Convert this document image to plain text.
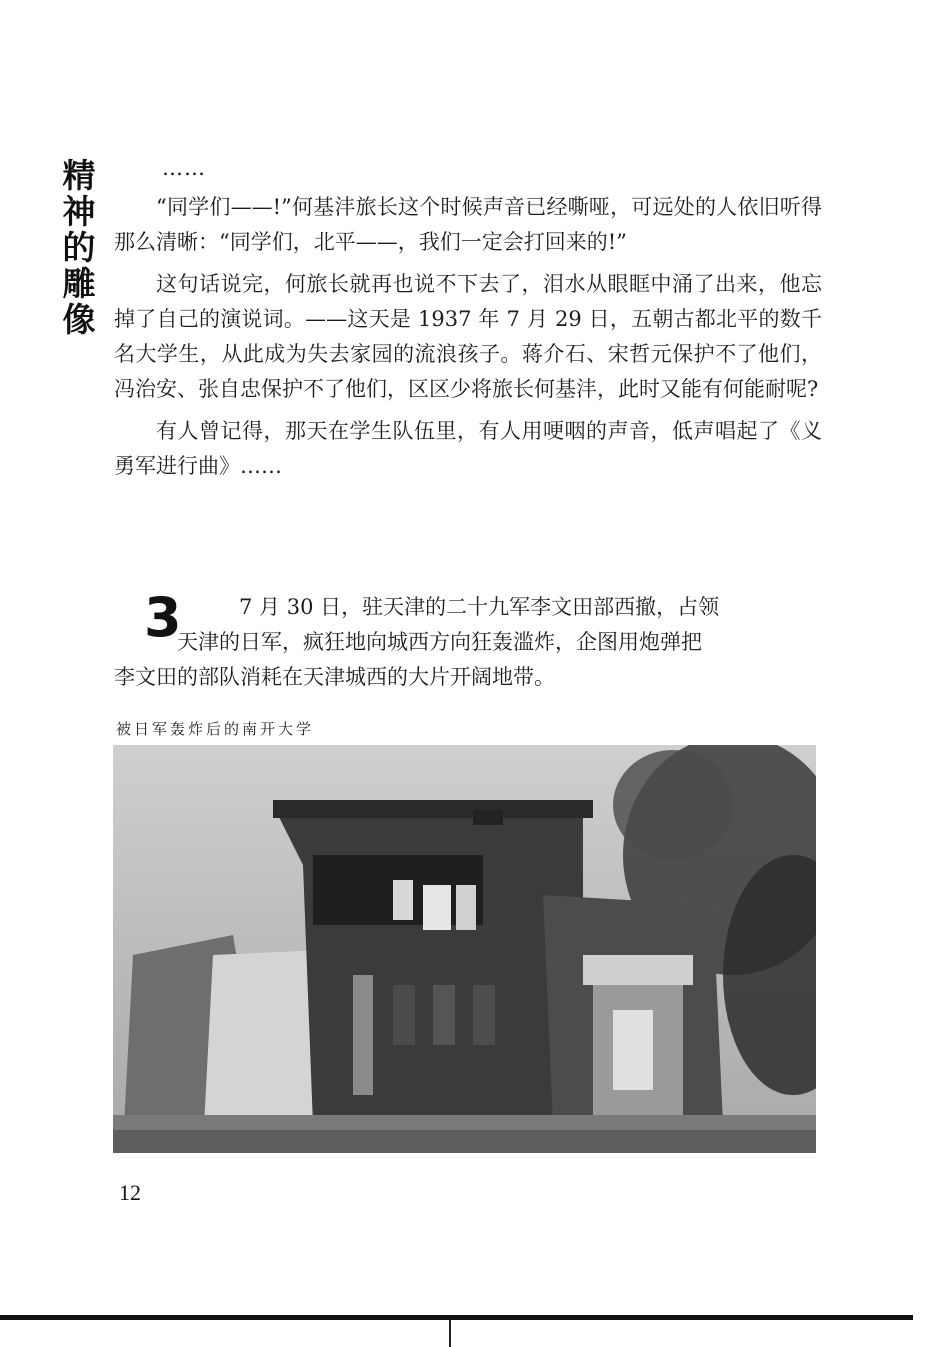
精
神
的
雕
像
……

“同学们——!”何基沣旅长这个时候声音已经嘶哑，可远处的人依旧听得那么清晰：“同学们，北平——，我们一定会打回来的!”

这句话说完，何旅长就再也说不下去了，泪水从眼眶中涌了出来，他忘掉了自己的演说词。——这天是 1937 年 7 月 29 日，五朝古都北平的数千名大学生，从此成为失去家园的流浪孩子。蒋介石、宋哲元保护不了他们，冯治安、张自忠保护不了他们，区区少将旅长何基沣，此时又能有何能耐呢?

有人曾记得，那天在学生队伍里，有人用哽咽的声音，低声唱起了《义勇军进行曲》……

3	7 月 30 日，驻天津的二十九军李文田部西撤，占领
天津的日军，疯狂地向城西方向狂轰滥炸，企图用炮弹把
李文田的部队消耗在天津城西的大片开阔地带。
被日军轰炸后的南开大学
12
